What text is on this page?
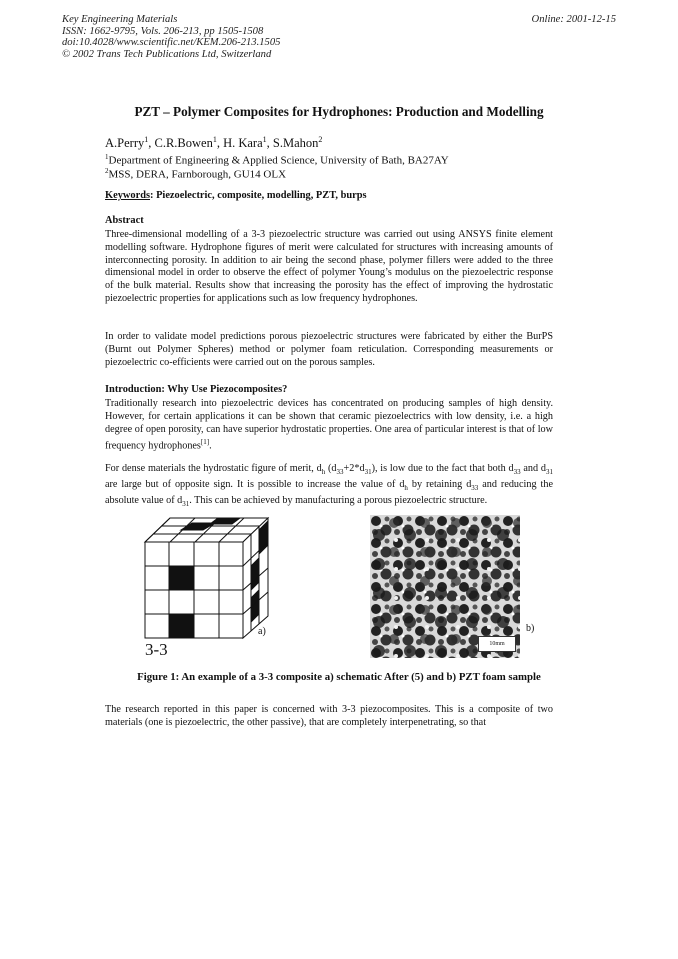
Key Engineering Materials
ISSN: 1662-9795, Vols. 206-213, pp 1505-1508
doi:10.4028/www.scientific.net/KEM.206-213.1505
© 2002 Trans Tech Publications Ltd, Switzerland
Online: 2001-12-15
PZT – Polymer Composites for Hydrophones: Production and Modelling
A.Perry$^1$, C.R.Bowen$^1$, H. Kara$^1$, S.Mahon$^2$
$^1$Department of Engineering & Applied Science, University of Bath, BA27AY
$^2$MSS, DERA, Farnborough, GU14 OLX
Keywords: Piezoelectric, composite, modelling, PZT, burps
Abstract
Three-dimensional modelling of a 3-3 piezoelectric structure was carried out using ANSYS finite element modelling software. Hydrophone figures of merit were calculated for structures with increasing amounts of interconnecting porosity. In addition to air being the second phase, polymer fillers were added to the three dimensional model in order to observe the effect of polymer Young’s modulus on the piezoelectric response of the bulk material. Results show that increasing the porosity has the effect of improving the hydrostatic piezoelectric properties for applications such as low frequency hydrophones.
In order to validate model predictions porous piezoelectric structures were fabricated by either the BurPS (Burnt out Polymer Spheres) method or polymer foam reticulation. Corresponding measurements or piezoelectric co-efficients were carried out on the porous samples.
Introduction: Why Use Piezocomposites?
Traditionally research into piezoelectric devices has concentrated on producing samples of high density. However, for certain applications it can be shown that ceramic piezoelectrics with low density, i.e. a high degree of open porosity, can have superior hydrostatic properties. One area of particular interest is that of low frequency hydrophones[1].
For dense materials the hydrostatic figure of merit, $d_h$ $(d_{33}+2*d_{31})$, is low due to the fact that both $d_{33}$ and $d_{31}$ are large but of opposite sign. It is possible to increase the value of $d_h$ by retaining $d_{33}$ and reducing the absolute value of $d_{31}$. This can be achieved by manufacturing a porous piezoelectric structure.
a)
3-3	10mm
b)
Figure 1: An example of a 3-3 composite a) schematic After (5) and b) PZT foam sample
The research reported in this paper is concerned with 3-3 piezocomposites. This is a composite of two materials (one is piezoelectric, the other passive), that are completely interpenetrating, so that
